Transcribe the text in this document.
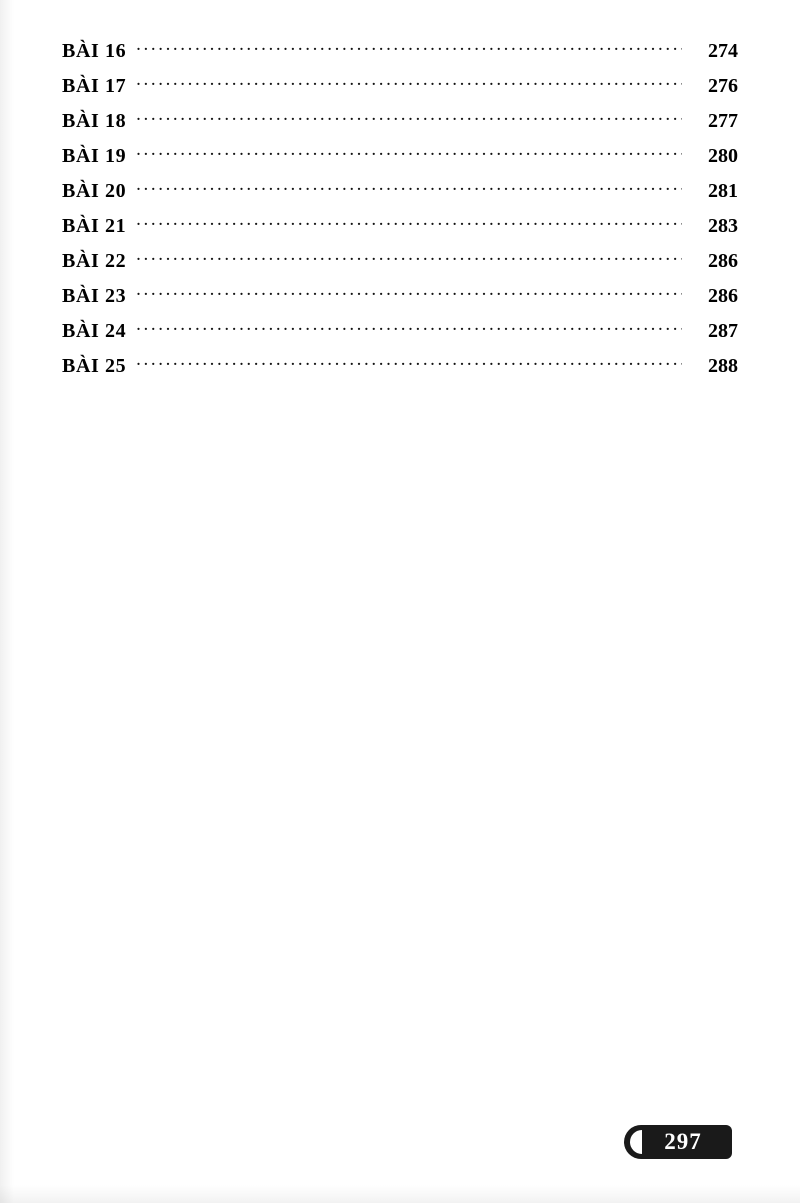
BÀI 16 .....	274
BÀI 17 .....	276
BÀI 18 .....	277
BÀI 19 .....	280
BÀI 20 .....	281
BÀI 21 .....	283
BÀI 22 .....	286
BÀI 23 .....	286
BÀI 24 .....	287
BÀI 25 .....	288
297
